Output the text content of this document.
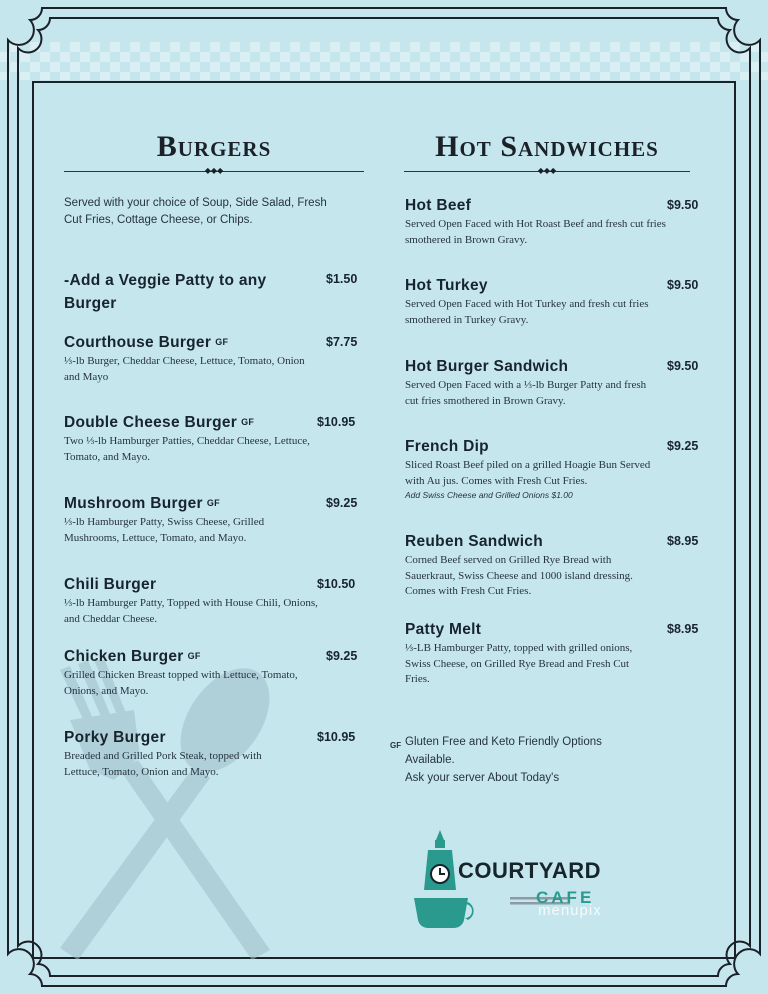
Burgers
◆◆◆
Hot Sandwiches
◆◆◆
Served with your choice of Soup, Side Salad, Fresh Cut Fries, Cottage Cheese, or Chips.
-Add a Veggie Patty to any Burger
$1.50
Courthouse Burger GF	$7.75
⅓-lb Burger, Cheddar Cheese, Lettuce, Tomato, Onion and Mayo
Double Cheese Burger GF	$10.95
Two ⅓-lb Hamburger Patties, Cheddar Cheese, Lettuce, Tomato, and Mayo.
Mushroom Burger GF	$9.25
⅓-lb Hamburger Patty, Swiss Cheese, Grilled Mushrooms, Lettuce, Tomato, and Mayo.
Chili Burger	$10.50
⅓-lb Hamburger Patty, Topped with House Chili, Onions, and Cheddar Cheese.
Chicken Burger GF	$9.25
Grilled Chicken Breast topped with Lettuce, Tomato, Onions, and Mayo.
Porky Burger	$10.95
Breaded and Grilled Pork Steak, topped with Lettuce, Tomato, Onion and Mayo.
Hot Beef	$9.50
Served Open Faced with Hot Roast Beef and fresh cut fries smothered in Brown Gravy.
Hot Turkey	$9.50
Served Open Faced with Hot Turkey and fresh cut fries smothered in Turkey Gravy.
Hot Burger Sandwich	$9.50
Served Open Faced with a ⅓-lb Burger Patty and fresh cut fries smothered in Brown Gravy.
French Dip	$9.25
Sliced Roast Beef piled on a grilled Hoagie Bun Served with Au jus. Comes with Fresh Cut Fries.
Add Swiss Cheese and Grilled Onions $1.00
Reuben Sandwich	$8.95
Corned Beef served on Grilled Rye Bread with Sauerkraut, Swiss Cheese and 1000 island dressing. Comes with Fresh Cut Fries.
Patty Melt	$8.95
⅓-LB Hamburger Patty, topped with grilled onions, Swiss Cheese, on Grilled Rye Bread and Fresh Cut Fries.
GF Gluten Free and Keto Friendly Options Available.
Ask your server About Today's
COURTYARD
CAFE
menupix
